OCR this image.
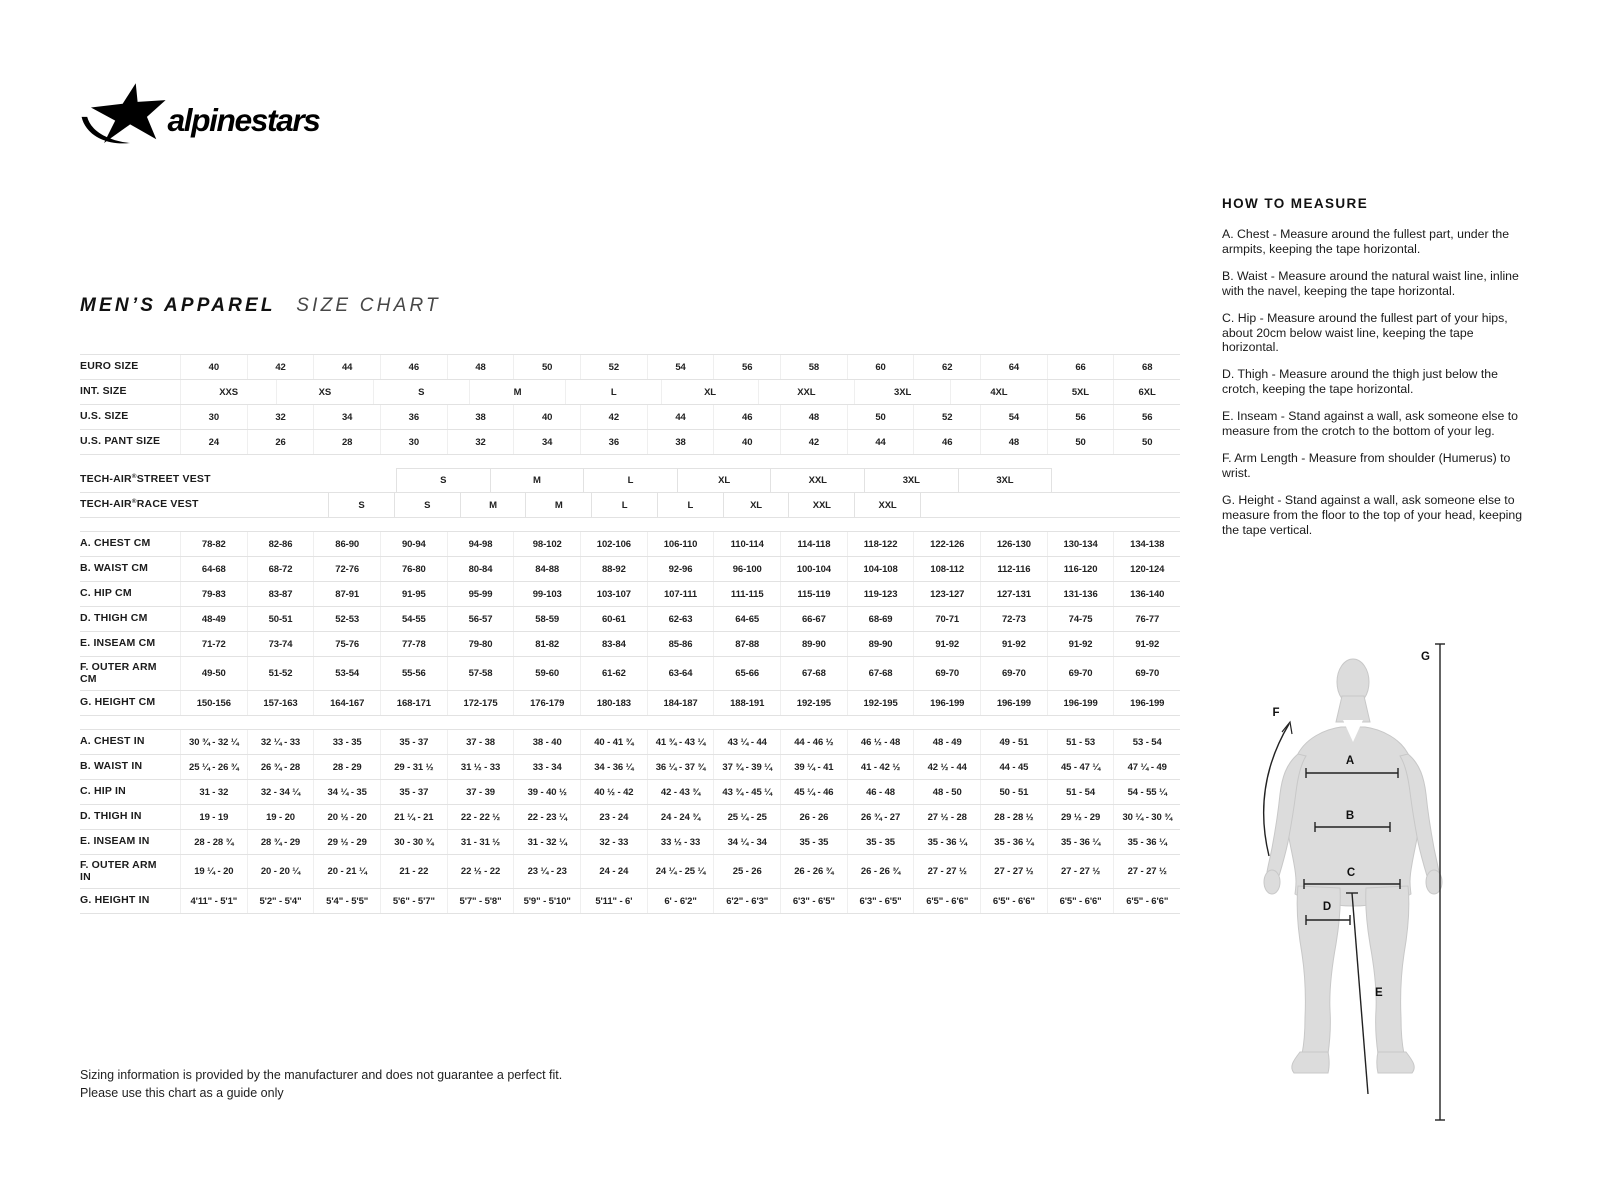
alpinestars
MEN’S APPAREL SIZE CHART
EURO SIZE	40	42	44	46	48	50	52	54	56	58	60	62	64	66	68
INT. SIZE	XXS	XS	S	M	L	XL	XXL	3XL	4XL	5XL	6XL
U.S. SIZE	30	32	34	36	38	40	42	44	46	48	50	52	54	56	56
U.S. PANT SIZE	24	26	28	30	32	34	36	38	40	42	44	46	48	50	50
TECH-AIR® STREET VEST	S	M	L	XL	XXL	3XL	3XL
TECH-AIR® RACE VEST	S	S	M	M	L	L	XL	XXL	XXL
A. CHEST CM	78-82	82-86	86-90	90-94	94-98	98-102	102-106	106-110	110-114	114-118	118-122	122-126	126-130	130-134	134-138
B. WAIST CM	64-68	68-72	72-76	76-80	80-84	84-88	88-92	92-96	96-100	100-104	104-108	108-112	112-116	116-120	120-124
C. HIP CM	79-83	83-87	87-91	91-95	95-99	99-103	103-107	107-111	111-115	115-119	119-123	123-127	127-131	131-136	136-140
D. THIGH CM	48-49	50-51	52-53	54-55	56-57	58-59	60-61	62-63	64-65	66-67	68-69	70-71	72-73	74-75	76-77
E. INSEAM CM	71-72	73-74	75-76	77-78	79-80	81-82	83-84	85-86	87-88	89-90	89-90	91-92	91-92	91-92	91-92
F. OUTER ARM
CM	49-50	51-52	53-54	55-56	57-58	59-60	61-62	63-64	65-66	67-68	67-68	69-70	69-70	69-70	69-70
G. HEIGHT CM	150-156	157-163	164-167	168-171	172-175	176-179	180-183	184-187	188-191	192-195	192-195	196-199	196-199	196-199	196-199
A. CHEST IN	30 ¾ - 32 ¼	32 ¼ - 33	33 - 35	35 - 37	37 - 38	38 - 40	40 - 41 ¾	41 ¾ - 43 ¼	43 ¼ - 44	44 - 46 ½	46 ½ - 48	48 - 49	49 - 51	51 - 53	53 - 54
B. WAIST IN	25 ¼ - 26 ¾	26 ¾ - 28	28 - 29	29 - 31 ½	31 ½ - 33	33 - 34	34 - 36 ¼	36 ¼ - 37 ¾	37 ¾ - 39 ¼	39 ¼ - 41	41 - 42 ½	42 ½ - 44	44 - 45	45 - 47 ¼	47 ¼ - 49
C. HIP IN	31 - 32	32 - 34 ¼	34 ¼ - 35	35 - 37	37 - 39	39 - 40 ½	40 ½ - 42	42 - 43 ¾	43 ¾ - 45 ¼	45 ¼ - 46	46 - 48	48 - 50	50 - 51	51 - 54	54 - 55 ¼
D. THIGH IN	19 - 19	19 - 20	20 ½ - 20	21 ¼ - 21	22 - 22 ½	22 - 23 ¼	23 - 24	24 - 24 ¾	25 ¼ - 25	26 - 26	26 ¾ - 27	27 ½ - 28	28 - 28 ½	29 ½ - 29	30 ¼ - 30 ¾
E. INSEAM IN	28 - 28 ¾	28 ¾ - 29	29 ½ - 29	30 - 30 ¾	31 - 31 ½	31 - 32 ¼	32 - 33	33 ½ - 33	34 ¼ - 34	35 - 35	35 - 35	35 - 36 ¼	35 - 36 ¼	35 - 36 ¼	35 - 36 ¼
F. OUTER ARM
IN	19 ¼ - 20	20 - 20 ¼	20 - 21 ¼	21 - 22	22 ½ - 22	23 ¼ - 23	24 - 24	24 ¼ - 25 ¼	25 - 26	26 - 26 ¾	26 - 26 ¾	27 - 27 ½	27 - 27 ½	27 - 27 ½	27 - 27 ½
G. HEIGHT IN	4'11" - 5'1"	5'2" - 5'4"	5'4" - 5'5"	5'6" - 5'7"	5'7" - 5'8"	5'9" - 5'10"	5'11" - 6'	6' - 6'2"	6'2" - 6'3"	6'3" - 6'5"	6'3" - 6'5"	6'5" - 6'6"	6'5" - 6'6"	6'5" - 6'6"	6'5" - 6'6"
HOW TO MEASURE

A. Chest - Measure around the fullest part, under the armpits, keeping the tape horizontal.

B. Waist - Measure around the natural waist line, inline with the navel, keeping the tape horizontal.

C. Hip - Measure around the fullest part of your hips, about 20cm below waist line, keeping the tape horizontal.

D. Thigh - Measure around the thigh just below the crotch, keeping the tape horizontal.

E. Inseam - Stand against a wall, ask someone else to measure from the crotch to the bottom of your leg.

F. Arm Length - Measure from shoulder (Humerus) to wrist.

G. Height - Stand against a wall, ask someone else to measure from the floor to the top of your head, keeping the tape vertical.

A
B
C
D
E
F
G

Sizing information is provided by the manufacturer and does not guarantee a perfect fit.

Please use this chart as a guide only
